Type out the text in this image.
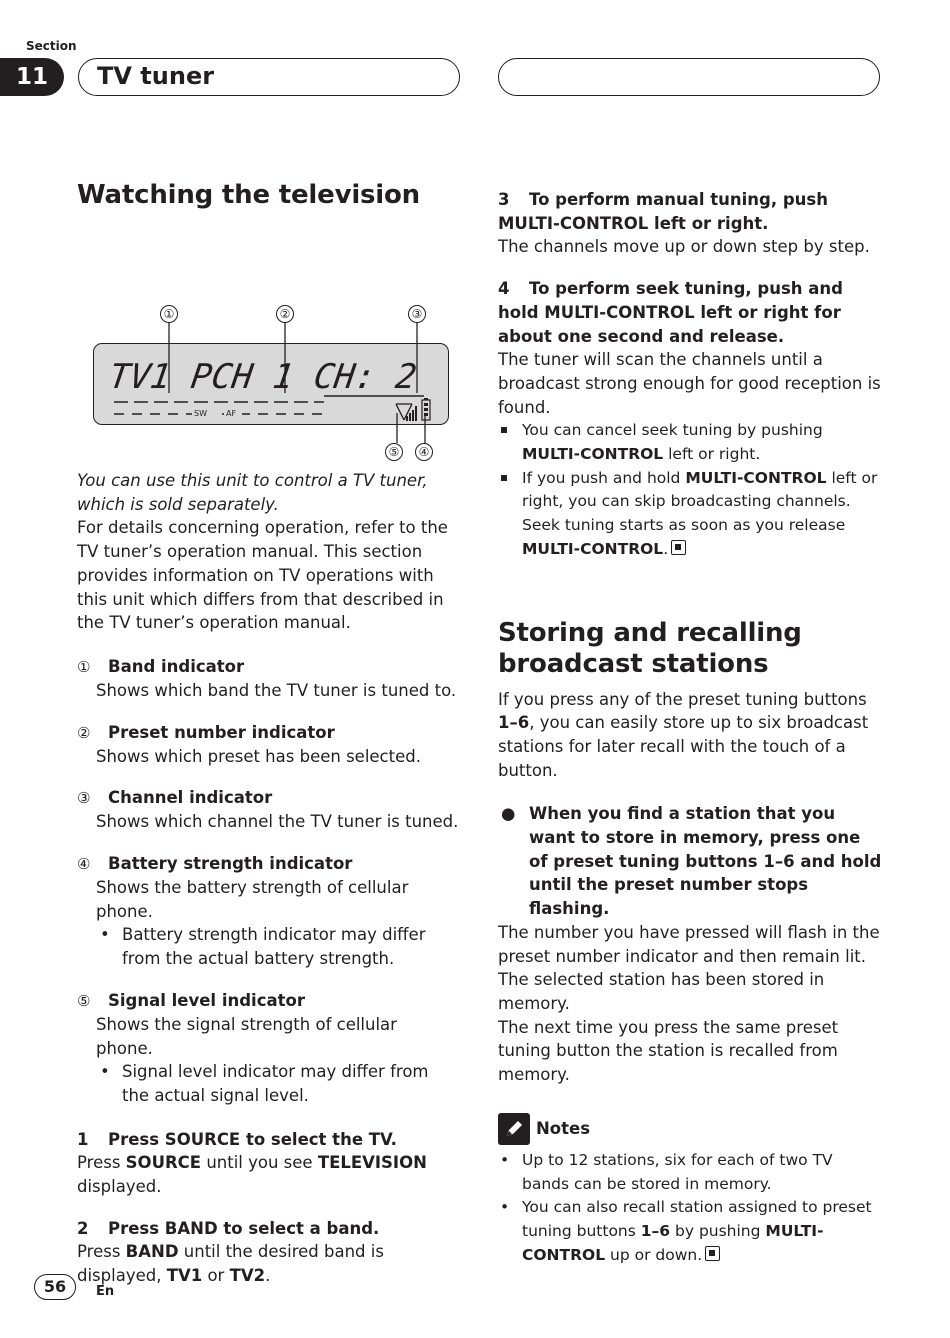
Section
11	TV tuner
Watching the television
①	②	③
TV1 PCH 1 CH: 2
SW AF
⑤	④

You can use this unit to control a TV tuner, which is sold separately.

For details concerning operation, refer to the TV tuner’s operation manual. This section provides information on TV operations with this unit which differs from that described in the TV tuner’s operation manual.

① Band indicator
Shows which band the TV tuner is tuned to.
② Preset number indicator
Shows which preset has been selected.
③ Channel indicator
Shows which channel the TV tuner is tuned.
④ Battery strength indicator
Shows the battery strength of cellular phone.
• Battery strength indicator may differ from the actual battery strength.
⑤ Signal level indicator
Shows the signal strength of cellular phone.
• Signal level indicator may differ from the actual signal level.
1 Press SOURCE to select the TV.

Press SOURCE until you see TELEVISION displayed.

2 Press BAND to select a band.

Press BAND until the desired band is displayed, TV1 or TV2.

3 To perform manual tuning, push MULTI-CONTROL left or right.

The channels move up or down step by step.

4 To perform seek tuning, push and hold MULTI-CONTROL left or right for about one second and release.

The tuner will scan the channels until a broadcast strong enough for good reception is found.

You can cancel seek tuning by pushing MULTI-CONTROL left or right.
If you push and hold MULTI-CONTROL left or right, you can skip broadcasting channels. Seek tuning starts as soon as you release MULTI-CONTROL.
Storing and recalling broadcast stations

If you press any of the preset tuning buttons 1–6, you can easily store up to six broadcast stations for later recall with the touch of a button.

● When you find a station that you want to store in memory, press one of preset tuning buttons 1–6 and hold until the preset number stops flashing.

The number you have pressed will flash in the preset number indicator and then remain lit. The selected station has been stored in memory.

The next time you press the same preset tuning button the station is recalled from memory.

Notes
• Up to 12 stations, six for each of two TV bands can be stored in memory.
• You can also recall station assigned to preset tuning buttons 1–6 by pushing MULTI-CONTROL up or down.
56	En
